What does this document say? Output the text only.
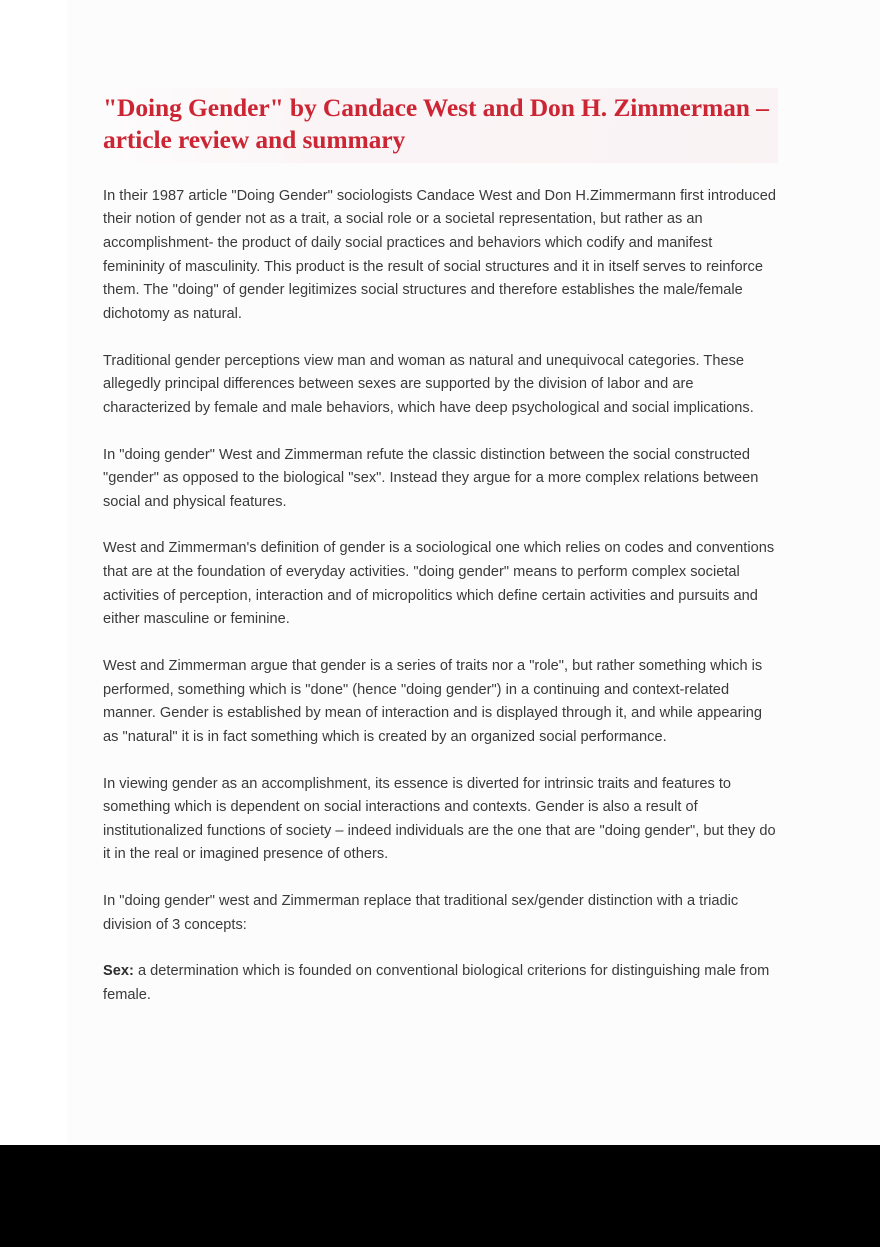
"Doing Gender" by Candace West and Don H. Zimmerman – article review and summary

In their 1987 article "Doing Gender" sociologists Candace West and Don H.Zimmermann first introduced their notion of gender not as a trait, a social role or a societal representation, but rather as an accomplishment- the product of daily social practices and behaviors which codify and manifest femininity of masculinity. This product is the result of social structures and it in itself serves to reinforce them. The "doing" of gender legitimizes social structures and therefore establishes the male/female dichotomy as natural.

Traditional gender perceptions view man and woman as natural and unequivocal categories. These allegedly principal differences between sexes are supported by the division of labor and are characterized by female and male behaviors, which have deep psychological and social implications.

In "doing gender" West and Zimmerman refute the classic distinction between the social constructed "gender" as opposed to the biological "sex". Instead they argue for a more complex relations between social and physical features.

West and Zimmerman's definition of gender is a sociological one which relies on codes and conventions that are at the foundation of everyday activities. "doing gender" means to perform complex societal activities of perception, interaction and of micropolitics which define certain activities and pursuits and either masculine or feminine.

West and Zimmerman argue that gender is a series of traits nor a "role", but rather something which is performed, something which is "done" (hence "doing gender") in a continuing and context-related manner. Gender is established by mean of interaction and is displayed through it, and while appearing as "natural" it is in fact something which is created by an organized social performance.

In viewing gender as an accomplishment, its essence is diverted for intrinsic traits and features to something which is dependent on social interactions and contexts. Gender is also a result of institutionalized functions of society – indeed individuals are the one that are "doing gender", but they do it in the real or imagined presence of others.

In "doing gender" west and Zimmerman replace that traditional sex/gender distinction with a triadic division of 3 concepts:

Sex: a determination which is founded on conventional biological criterions for distinguishing male from female.
